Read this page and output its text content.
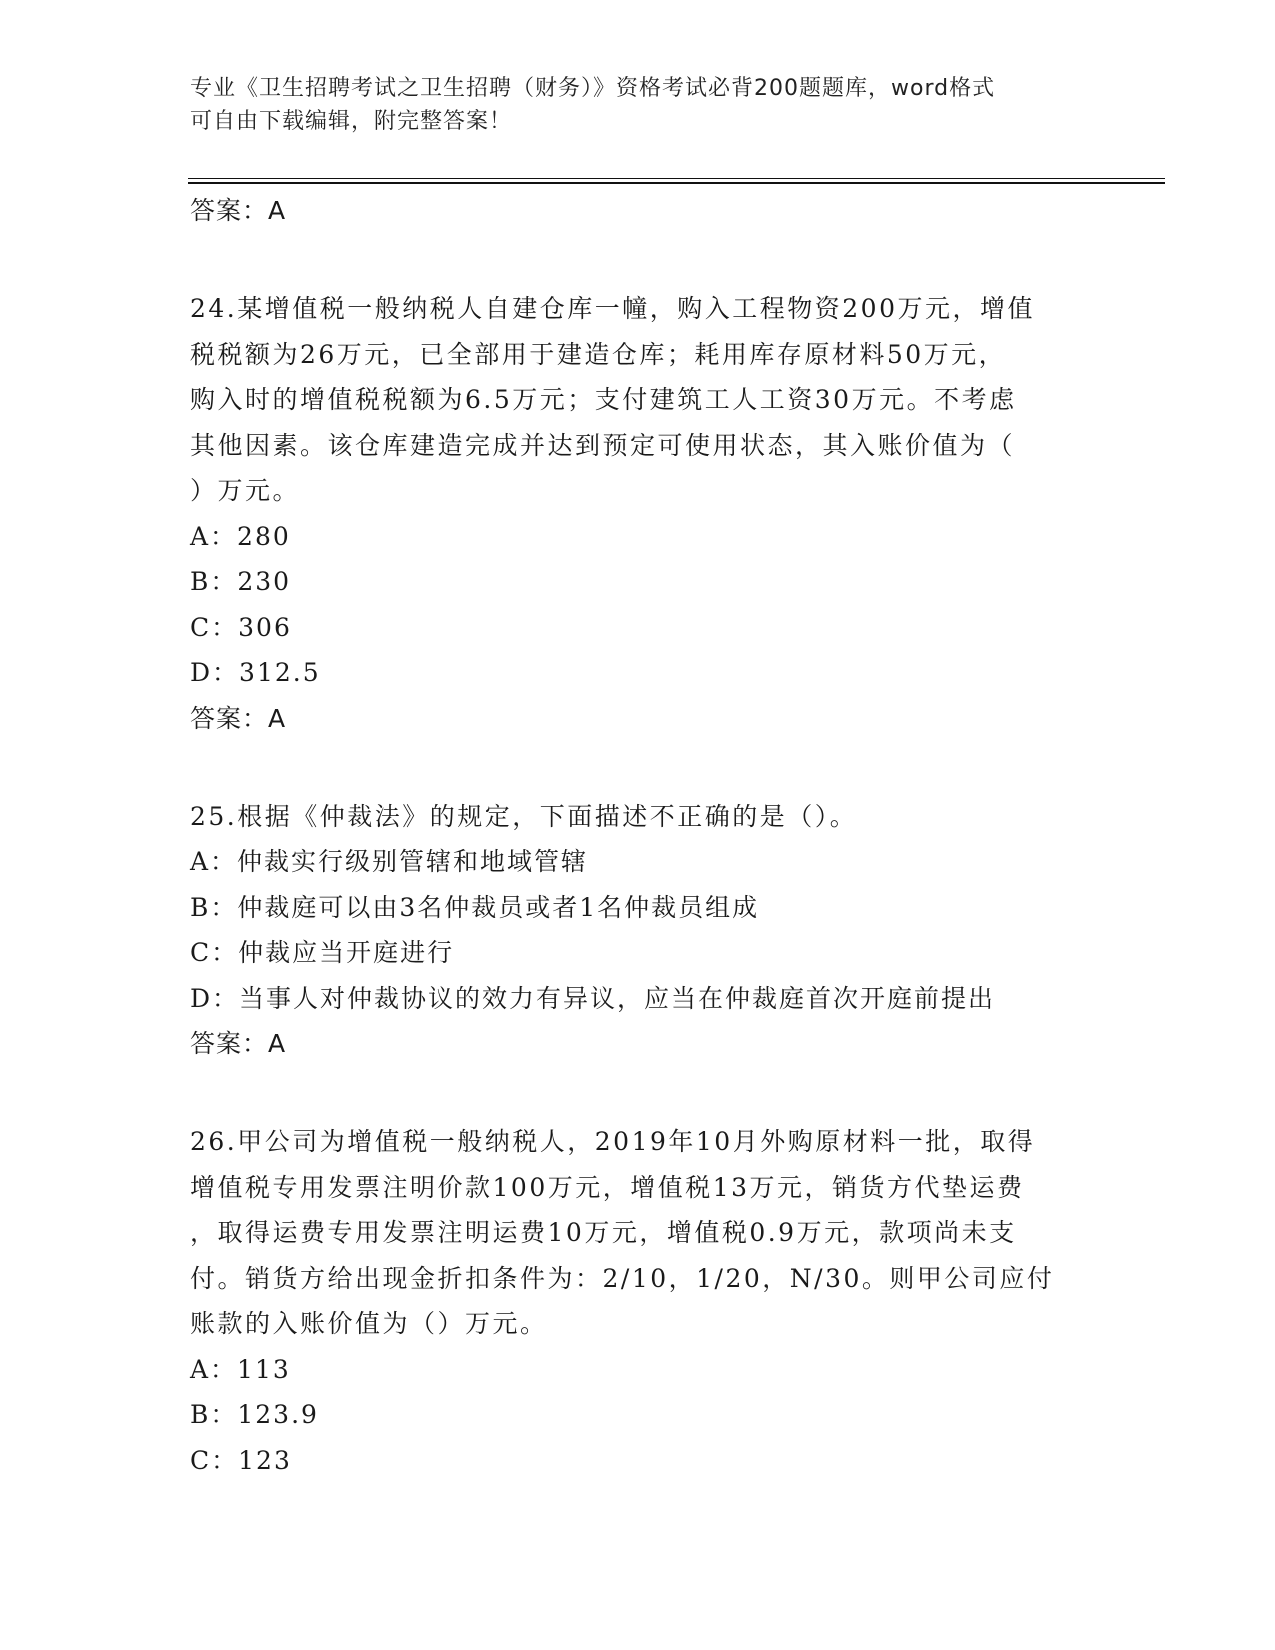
专业《卫生招聘考试之卫生招聘（财务）》资格考试必背200题题库，word格式
可自由下载编辑，附完整答案！

答案：A

24.某增值税一般纳税人自建仓库一幢，购入工程物资200万元，增值

税税额为26万元，已全部用于建造仓库；耗用库存原材料50万元，

购入时的增值税税额为6.5万元；支付建筑工人工资30万元。不考虑

其他因素。该仓库建造完成并达到预定可使用状态，其入账价值为（

）万元。

A：280

B：230

C：306

D：312.5

答案：A

25.根据《仲裁法》的规定，下面描述不正确的是（）。

A：仲裁实行级别管辖和地域管辖

B：仲裁庭可以由3名仲裁员或者1名仲裁员组成

C：仲裁应当开庭进行

D：当事人对仲裁协议的效力有异议，应当在仲裁庭首次开庭前提出

答案：A

26.甲公司为增值税一般纳税人，2019年10月外购原材料一批，取得

增值税专用发票注明价款100万元，增值税13万元，销货方代垫运费

，取得运费专用发票注明运费10万元，增值税0.9万元，款项尚未支

付。销货方给出现金折扣条件为：2/10，1/20，N/30。则甲公司应付

账款的入账价值为（）万元。

A：113

B：123.9

C：123
